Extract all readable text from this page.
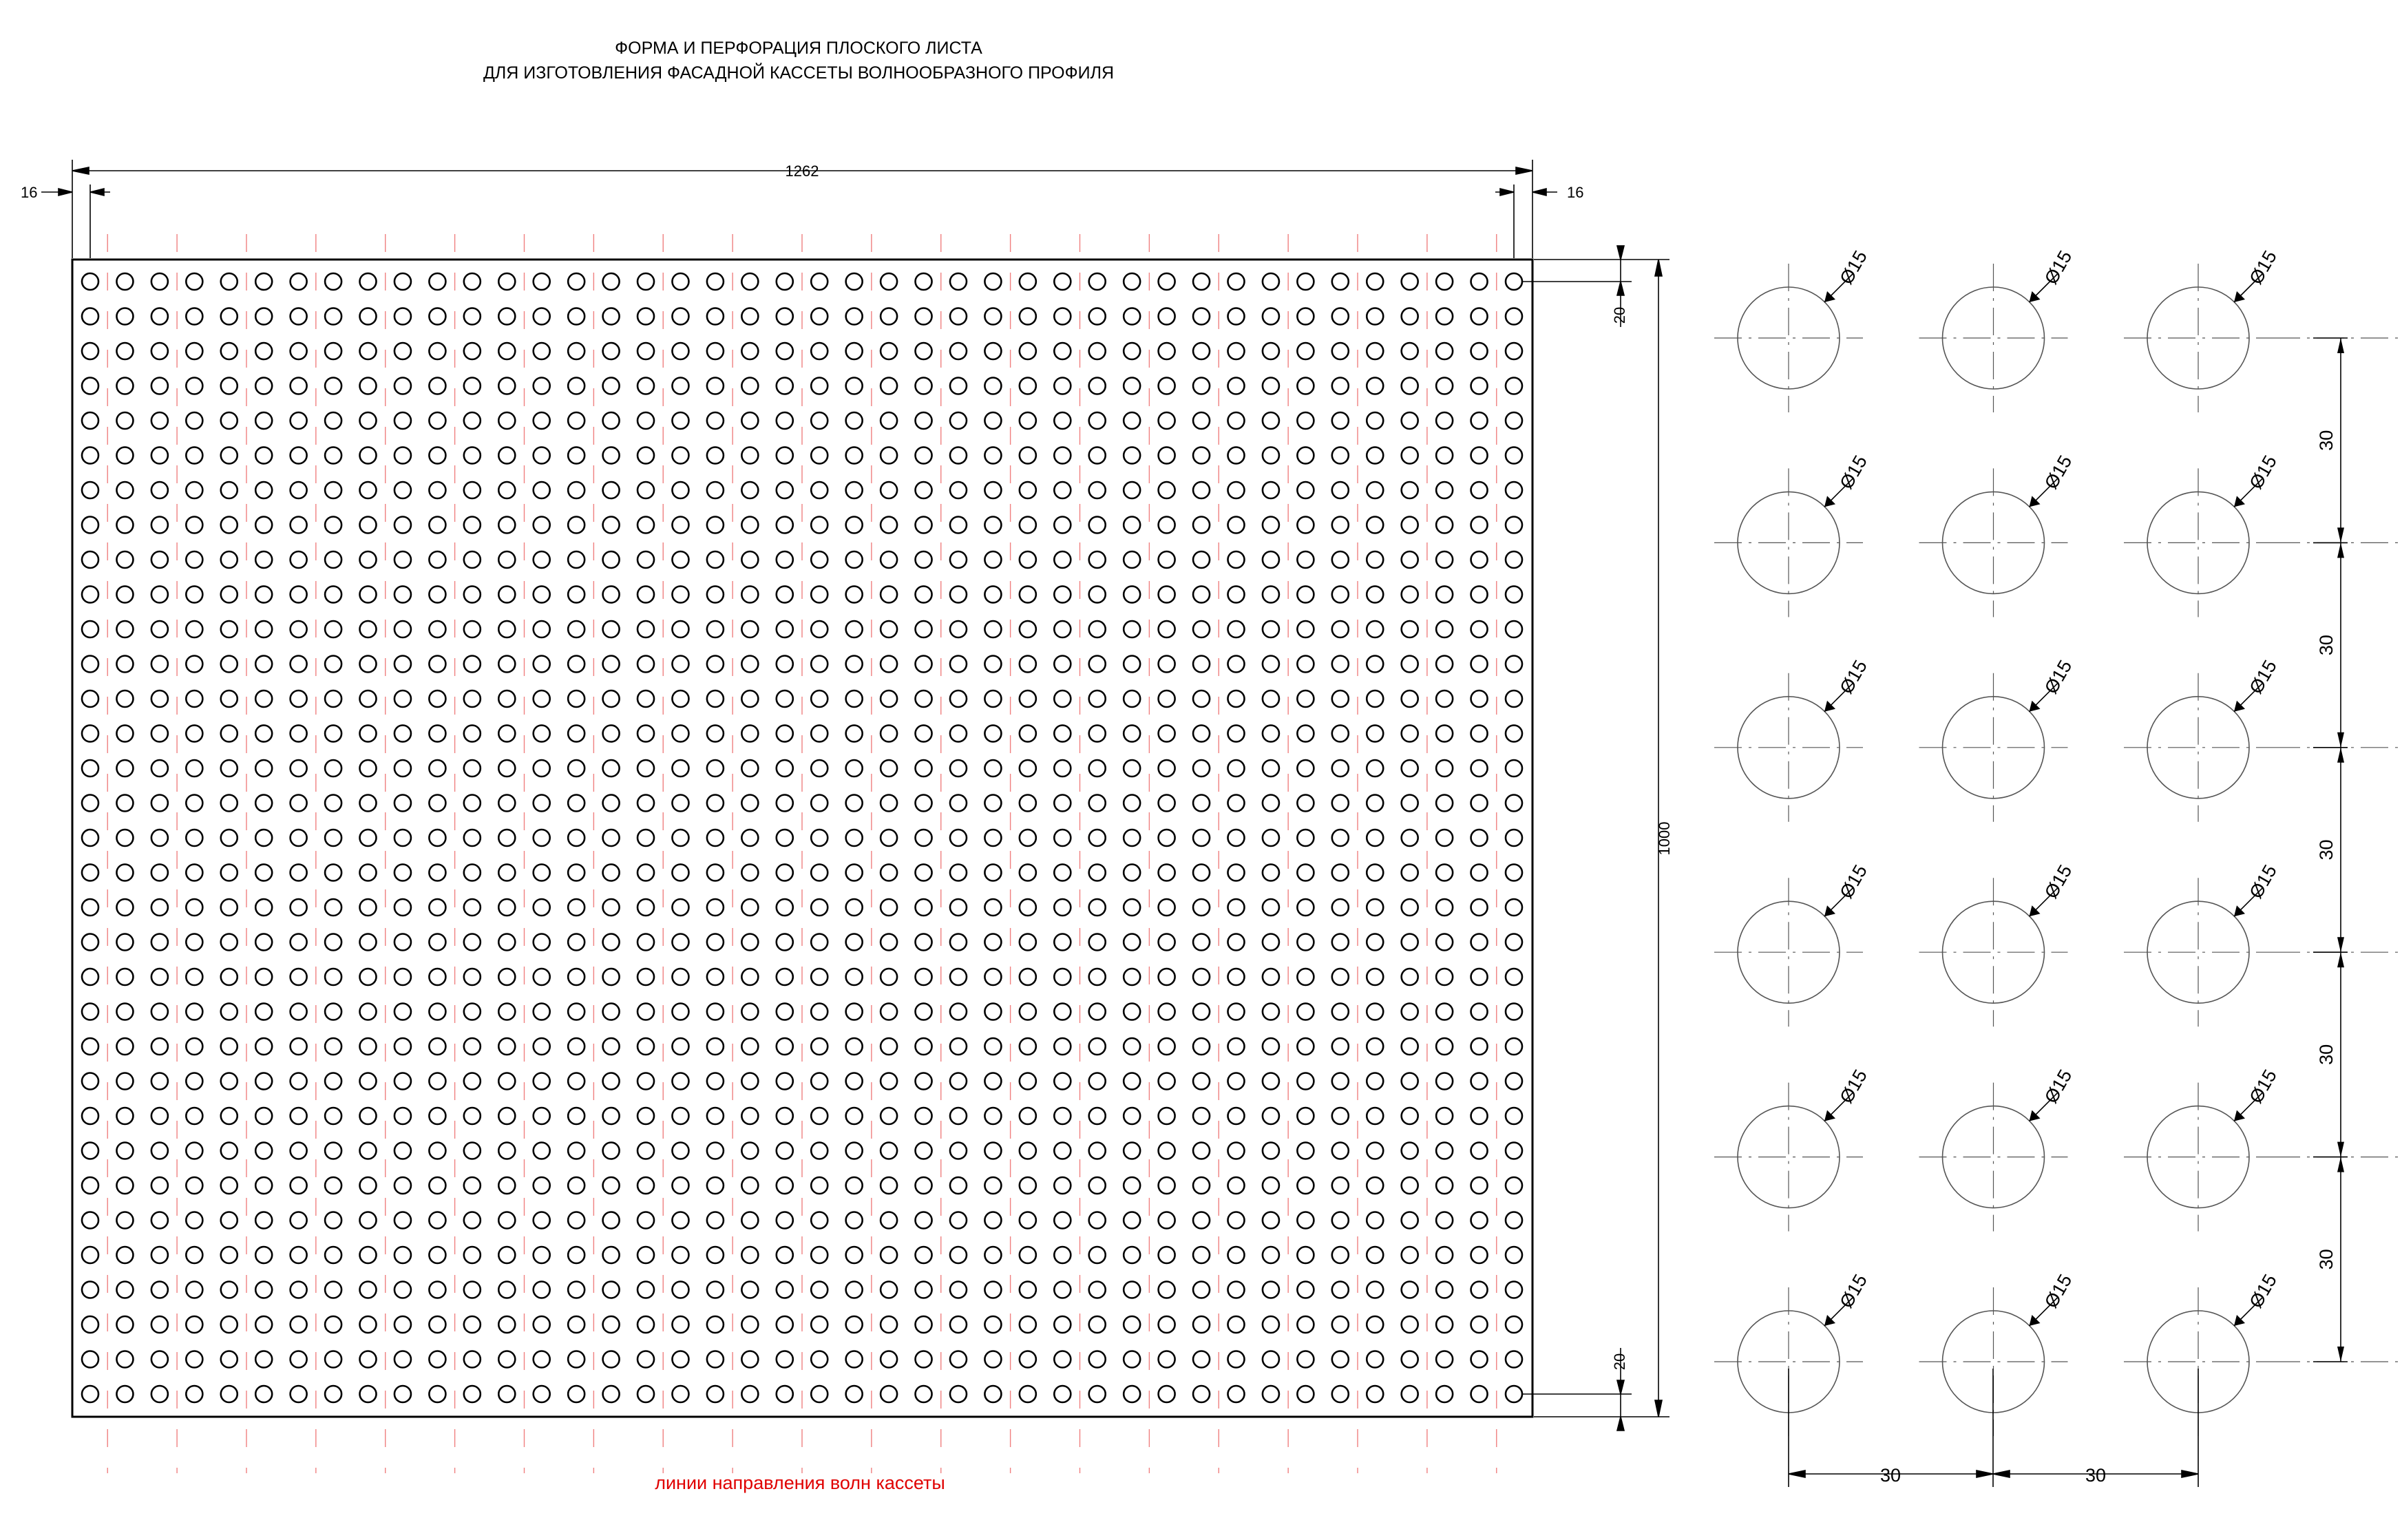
ФОРМА И ПЕРФОРАЦИЯ ПЛОСКОГО ЛИСТА
ДЛЯ ИЗГОТОВЛЕНИЯ ФАСАДНОЙ КАССЕТЫ ВОЛНООБРАЗНОГО ПРОФИЛЯ
1262
16	16
1000
20
20
линии направления волн кассеты
Ø15	Ø15	Ø15
Ø15	Ø15	Ø15
Ø15	Ø15	Ø15
Ø15	Ø15	Ø15
Ø15	Ø15	Ø15
Ø15	Ø15	Ø15
30
30
30
30
30
30	30
